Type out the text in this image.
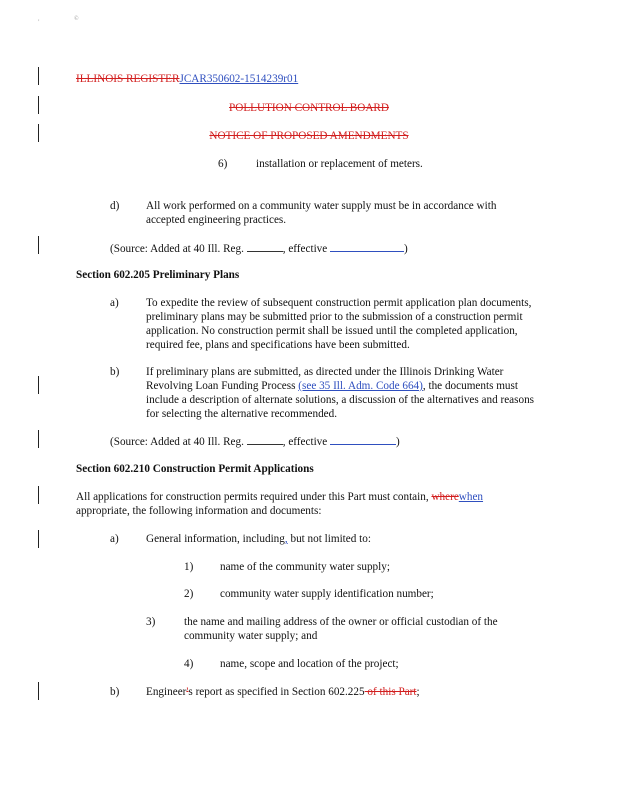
,	©
ILLINOIS REGISTERJCAR350602-1514239r01
POLLUTION CONTROL BOARD
NOTICE OF PROPOSED AMENDMENTS
6)	installation or replacement of meters.
d) All work performed on a community water supply must be in accordance with accepted engineering practices.
(Source: Added at 40 Ill. Reg.	, effective	)
Section 602.205 Preliminary Plans
a) To expedite the review of subsequent construction permit application plan documents, preliminary plans may be submitted prior to the submission of a construction permit application. No construction permit shall be issued until the completed application, required fee, plans and specifications have been submitted.
b) If preliminary plans are submitted, as directed under the Illinois Drinking Water Revolving Loan Funding Process (see 35 Ill. Adm. Code 664), the documents must include a description of alternate solutions, a discussion of the alternatives and reasons for selecting the alternative recommended.
(Source: Added at 40 Ill. Reg.	, effective	)
Section 602.210 Construction Permit Applications
All applications for construction permits required under this Part must contain, wherewhen appropriate, the following information and documents:
a) General information, including, but not limited to:
1) name of the community water supply;
2) community water supply identification number;
3)	the name and mailing address of the owner or official custodian of the community water supply; and
4) name, scope and location of the project;
b) Engineer's report as specified in Section 602.225 of this Part;
